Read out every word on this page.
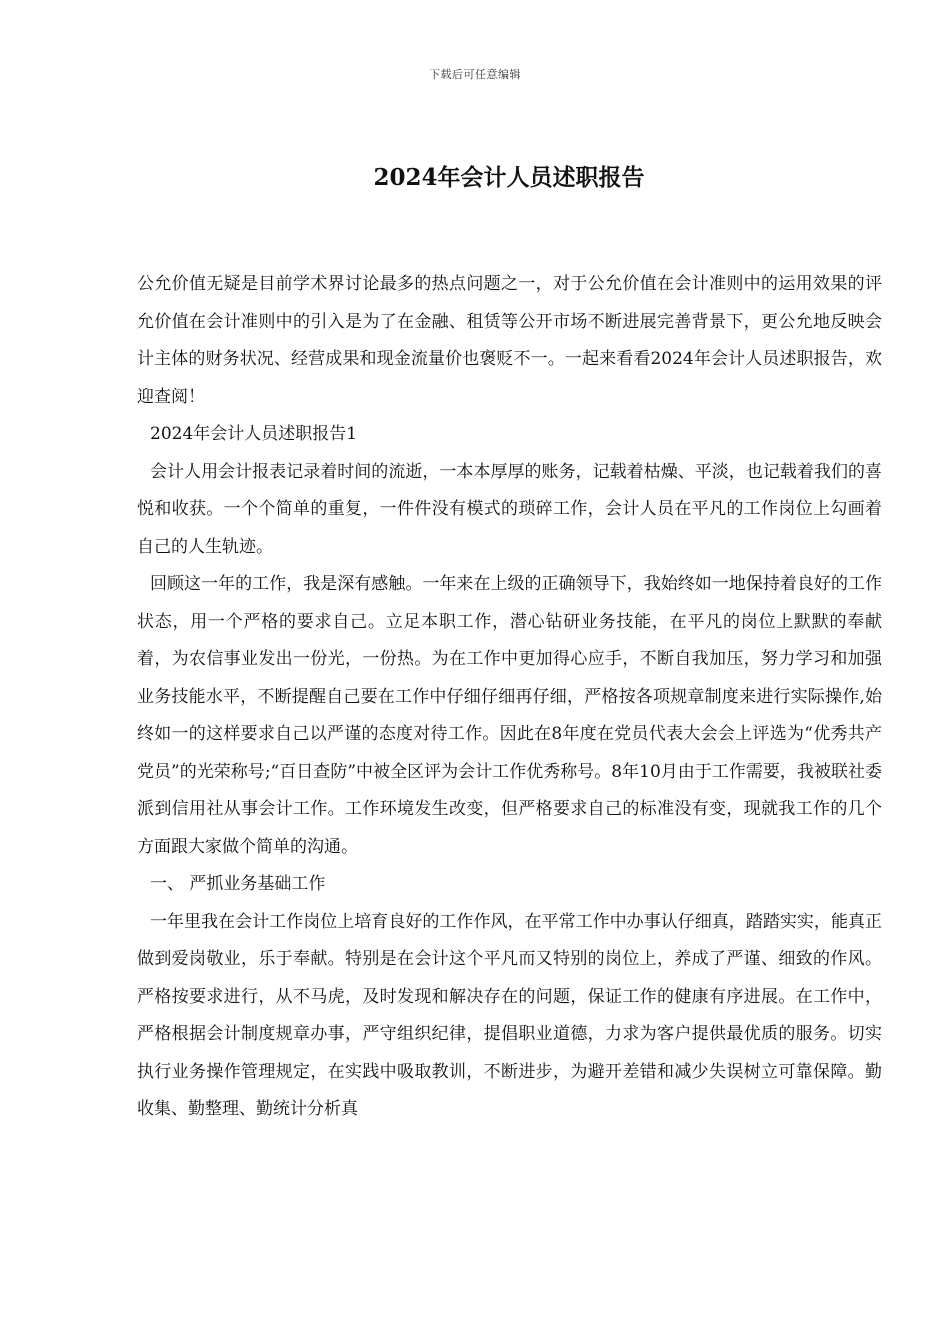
下载后可任意编辑
2024年会计人员述职报告

公允价值无疑是目前学术界讨论最多的热点问题之一，对于公允价值在会计准则中的运用效果的评允价值在会计准则中的引入是为了在金融、租赁等公开市场不断进展完善背景下，更公允地反映会计主体的财务状况、经营成果和现金流量价也褒贬不一。一起来看看2024年会计人员述职报告，欢迎查阅！

2024年会计人员述职报告1

会计人用会计报表记录着时间的流逝，一本本厚厚的账务，记载着枯燥、平淡，也记载着我们的喜悦和收获。一个个简单的重复，一件件没有模式的琐碎工作，会计人员在平凡的工作岗位上勾画着自己的人生轨迹。

回顾这一年的工作，我是深有感触。一年来在上级的正确领导下，我始终如一地保持着良好的工作状态，用一个严格的要求自己。立足本职工作，潜心钻研业务技能，在平凡的岗位上默默的奉献着，为农信事业发出一份光，一份热。为在工作中更加得心应手，不断自我加压，努力学习和加强业务技能水平，不断提醒自己要在工作中仔细仔细再仔细，严格按各项规章制度来进行实际操作,始终如一的这样要求自己以严谨的态度对待工作。因此在8年度在党员代表大会会上评选为“优秀共产党员”的光荣称号;“百日查防”中被全区评为会计工作优秀称号。8年10月由于工作需要，我被联社委派到信用社从事会计工作。工作环境发生改变，但严格要求自己的标准没有变，现就我工作的几个方面跟大家做个简单的沟通。

一、 严抓业务基础工作

一年里我在会计工作岗位上培育良好的工作作风，在平常工作中办事认仔细真，踏踏实实，能真正做到爱岗敬业，乐于奉献。特别是在会计这个平凡而又特别的岗位上，养成了严谨、细致的作风。严格按要求进行，从不马虎，及时发现和解决存在的问题，保证工作的健康有序进展。在工作中，严格根据会计制度规章办事，严守组织纪律，提倡职业道德，力求为客户提供最优质的服务。切实执行业务操作管理规定，在实践中吸取教训，不断进步，为避开差错和减少失误树立可靠保障。勤收集、勤整理、勤统计分析真
